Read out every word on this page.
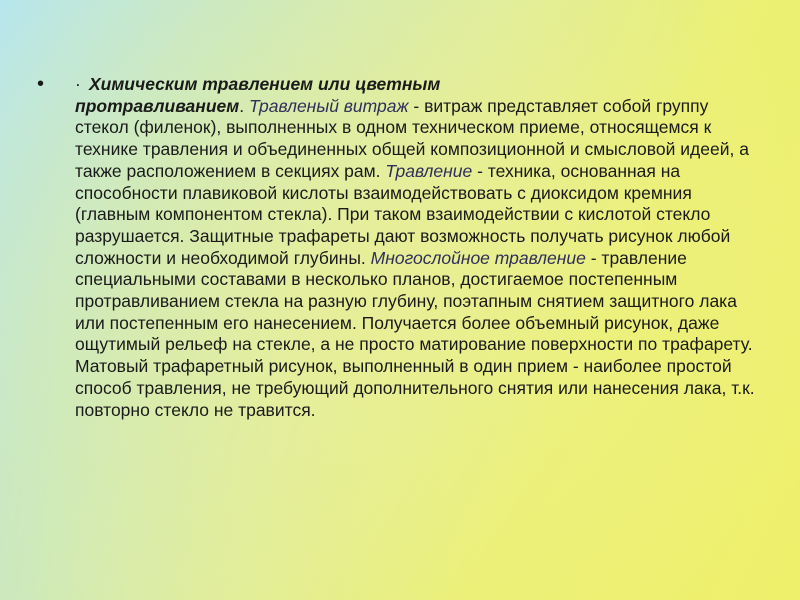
•	· Химическим травлением или цветным
протравливанием. Травленый витраж - витраж представляет собой группу стекол (филенок), выполненных в одном техническом приеме, относящемся к технике травления и объединенных общей композиционной и смысловой идеей, а также расположением в секциях рам. Травление - техника, основанная на способности плавиковой кислоты взаимодействовать с диоксидом кремния (главным компонентом стекла). При таком взаимодействии с кислотой стекло разрушается. Защитные трафареты дают возможность получать рисунок любой сложности и необходимой глубины. Многослойное травление - травление специальными составами в несколько планов, достигаемое постепенным протравливанием стекла на разную глубину, поэтапным снятием защитного лака или постепенным его нанесением. Получается более объемный рисунок, даже ощутимый рельеф на стекле, а не просто матирование поверхности по трафарету. Матовый трафаретный рисунок, выполненный в один прием - наиболее простой способ травления, не требующий дополнительного снятия или нанесения лака, т.к. повторно стекло не травится.
